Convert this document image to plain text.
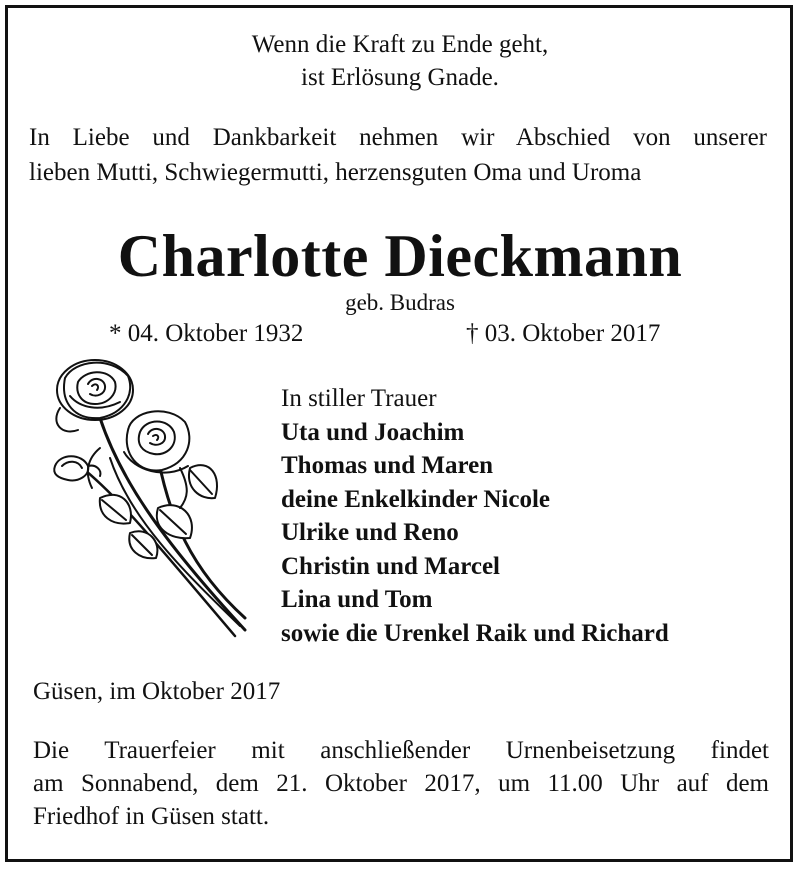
Wenn die Kraft zu Ende geht,
ist Erlösung Gnade.
In Liebe und Dankbarkeit nehmen wir Abschied von unserer
lieben Mutti, Schwiegermutti, herzensguten Oma und Uroma
Charlotte Dieckmann
geb. Budras
* 04. Oktober 1932	† 03. Oktober 2017
In stiller Trauer
Uta und Joachim
Thomas und Maren
deine Enkelkinder Nicole
Ulrike und Reno
Christin und Marcel
Lina und Tom
sowie die Urenkel Raik und Richard
Güsen, im Oktober 2017
Die Trauerfeier mit anschließender Urnenbeisetzung findet
am Sonnabend, dem 21. Oktober 2017, um 11.00 Uhr auf dem
Friedhof in Güsen statt.
